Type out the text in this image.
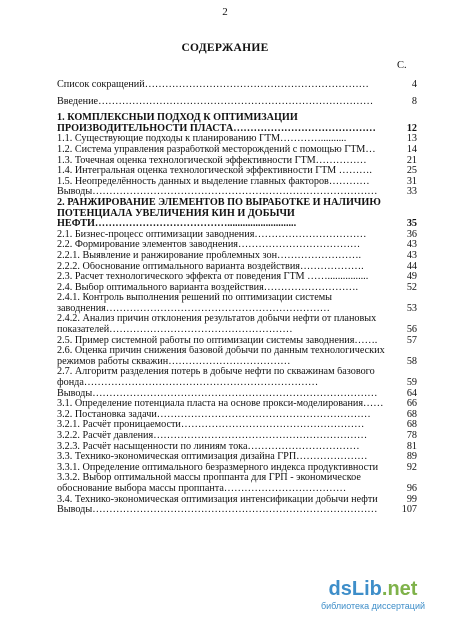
2
СОДЕРЖАНИЕ
С.
Список сокращений…………………………………………………………	4
Введение………………………………………………………………………	8
1. КОМПЛЕКСНЫЙ ПОДХОД К ОПТИМИЗАЦИИ ПРОИЗВОДИТЕЛЬНОСТИ ПЛАСТА……………………………………	12
1.1. Существующие подходы к планированию ГТМ…………..........	13
1.2. Система управления разработкой месторождений с помощью ГТМ…	14
1.3. Точечная оценка технологической эффективности ГТМ……………	21
1.4. Интегральная оценка технологической эффективности ГТМ ……….	25
1.5. Неопределённость данных и выделение главных факторов…………	31
Выводы…………………………………………………………………………	33
2. РАНЖИРОВАНИЕ ЭЛЕМЕНТОВ ПО ВЫРАБОТКЕ И НАЛИЧИЮ ПОТЕНЦИАЛА УВЕЛИЧЕНИЯ КИН И ДОБЫЧИ НЕФТИ…………………………………...........................	35
2.1. Бизнес-процесс оптимизации заводнения……………………………	36
2.2. Формирование элементов заводнения………………………………	43
2.2.1. Выявление и ранжирование проблемных зон…………………….	43
2.2.2. Обоснование оптимального варианта воздействия……………….	44
2.3. Расчет технологического эффекта от поведения ГТМ ……................	49
2.4. Выбор оптимального варианта воздействия……………………….	52
2.4.1. Контроль выполнения решений по оптимизации системы заводнения…………………………………………………………	53
2.4.2. Анализ причин отклонения результатов добычи нефти от плановых показателей………………………………………………	56
2.5. Пример системной работы по оптимизации системы заводнения…….	57
2.6. Оценка причин снижения базовой добычи по данным технологических режимов работы скважин………………………………	58
2.7. Алгоритм разделения потерь в добыче нефти по скважинам базового фонда……………………………………………………………	59
Выводы…………………………………………………………………………	64
3.1. Определение потенциала пласта на основе прокси-моделирования……	66
3.2. Постановка задачи………………………………………………………	68
3.2.1. Расчёт проницаемости………………………………………………	68
3.2.2. Расчёт давления………………………………………………………	78
3.2.3. Расчёт насыщенности по линиям тока……………………………	81
3.3. Технико-экономическая оптимизация дизайна ГРП…………………	89
3.3.1. Определение оптимального безразмерного индекса продуктивности	92
3.3.2. Выбор оптимальной массы проппанта для ГРП - экономическое обоснование выбора массы проппанта………………………………	96
3.4. Технико-экономическая оптимизация интенсификации добычи нефти	99
Выводы…………………………………………………………………………	107
dsLib.net
библиотека диссертаций
